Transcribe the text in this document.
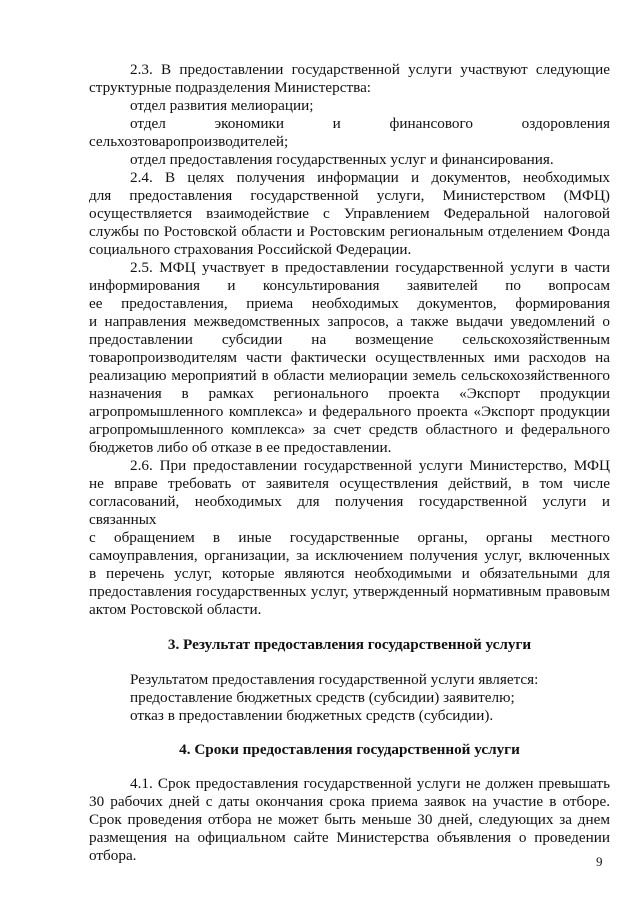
2.3. В предоставлении государственной услуги участвуют следующие
структурные подразделения Министерства:
отдел развития мелиорации;
отдел экономики и финансового оздоровления
сельхозтоваропроизводителей;
отдел предоставления государственных услуг и финансирования.
2.4. В целях получения информации и документов, необходимых
для предоставления государственной услуги, Министерством (МФЦ)
осуществляется взаимодействие с Управлением Федеральной налоговой
службы по Ростовской области и Ростовским региональным отделением Фонда
социального страхования Российской Федерации.
2.5. МФЦ участвует в предоставлении государственной услуги в части
информирования и консультирования заявителей по вопросам
ее предоставления, приема необходимых документов, формирования
и направления межведомственных запросов, а также выдачи уведомлений о
предоставлении субсидии на возмещение сельскохозяйственным
товаропроизводителям части фактически осуществленных ими расходов на
реализацию мероприятий в области мелиорации земель сельскохозяйственного
назначения в рамках регионального проекта «Экспорт продукции
агропромышленного комплекса» и федерального проекта «Экспорт продукции
агропромышленного комплекса» за счет средств областного и федерального
бюджетов либо об отказе в ее предоставлении.
2.6. При предоставлении государственной услуги Министерство, МФЦ
не вправе требовать от заявителя осуществления действий, в том числе
согласований, необходимых для получения государственной услуги и
связанных
с обращением в иные государственные органы, органы местного
самоуправления, организации, за исключением получения услуг, включенных
в перечень услуг, которые являются необходимыми и обязательными для
предоставления государственных услуг, утвержденный нормативным правовым
актом Ростовской области.
3. Результат предоставления государственной услуги
Результатом предоставления государственной услуги является:
предоставление бюджетных средств (субсидии) заявителю;
отказ в предоставлении бюджетных средств (субсидии).
4. Сроки предоставления государственной услуги
4.1. Срок предоставления государственной услуги не должен превышать
30 рабочих дней с даты окончания срока приема заявок на участие в отборе.
Срок проведения отбора не может быть меньше 30 дней, следующих за днем
размещения на официальном сайте Министерства объявления о проведении
отбора.	9
